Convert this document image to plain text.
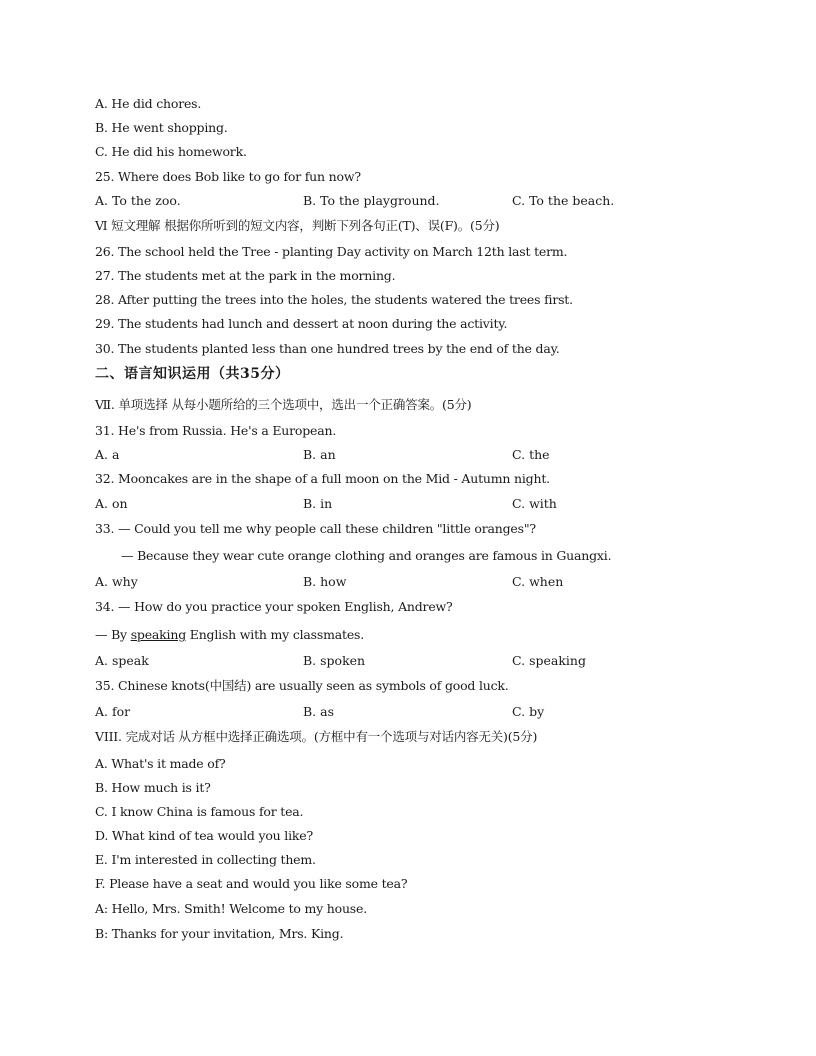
A. He did chores.
B. He went shopping.
C. He did his homework.
25. Where does Bob like to go for fun now?
A. To the zoo.	B. To the playground.	C. To the beach.
Ⅵ 短文理解 根据你所听到的短文内容，判断下列各句正(T)、误(F)。(5分)
26. The school held the Tree - planting Day activity on March 12th last term.
27. The students met at the park in the morning.
28. After putting the trees into the holes, the students watered the trees first.
29. The students had lunch and dessert at noon during the activity.
30. The students planted less than one hundred trees by the end of the day.
二、语言知识运用（共35分）
Ⅶ. 单项选择 从每小题所给的三个选项中，选出一个正确答案。(5分)
31. He's from Russia. He's a European.
A. a	B. an	C. the
32. Mooncakes are in the shape of a full moon on the Mid - Autumn night.
A. on	B. in	C. with
33. — Could you tell me why people call these children "little oranges"?
— Because they wear cute orange clothing and oranges are famous in Guangxi.
A. why	B. how	C. when
34. — How do you practice your spoken English, Andrew?
— By speaking English with my classmates.
A. speak	B. spoken	C. speaking
35. Chinese knots(中国结) are usually seen as symbols of good luck.
A. for	B. as	C. by
VIII. 完成对话 从方框中选择正确选项。(方框中有一个选项与对话内容无关)(5分)
A. What's it made of?
B. How much is it?
C. I know China is famous for tea.
D. What kind of tea would you like?
E. I'm interested in collecting them.
F. Please have a seat and would you like some tea?
A: Hello, Mrs. Smith! Welcome to my house.
B: Thanks for your invitation, Mrs. King.
